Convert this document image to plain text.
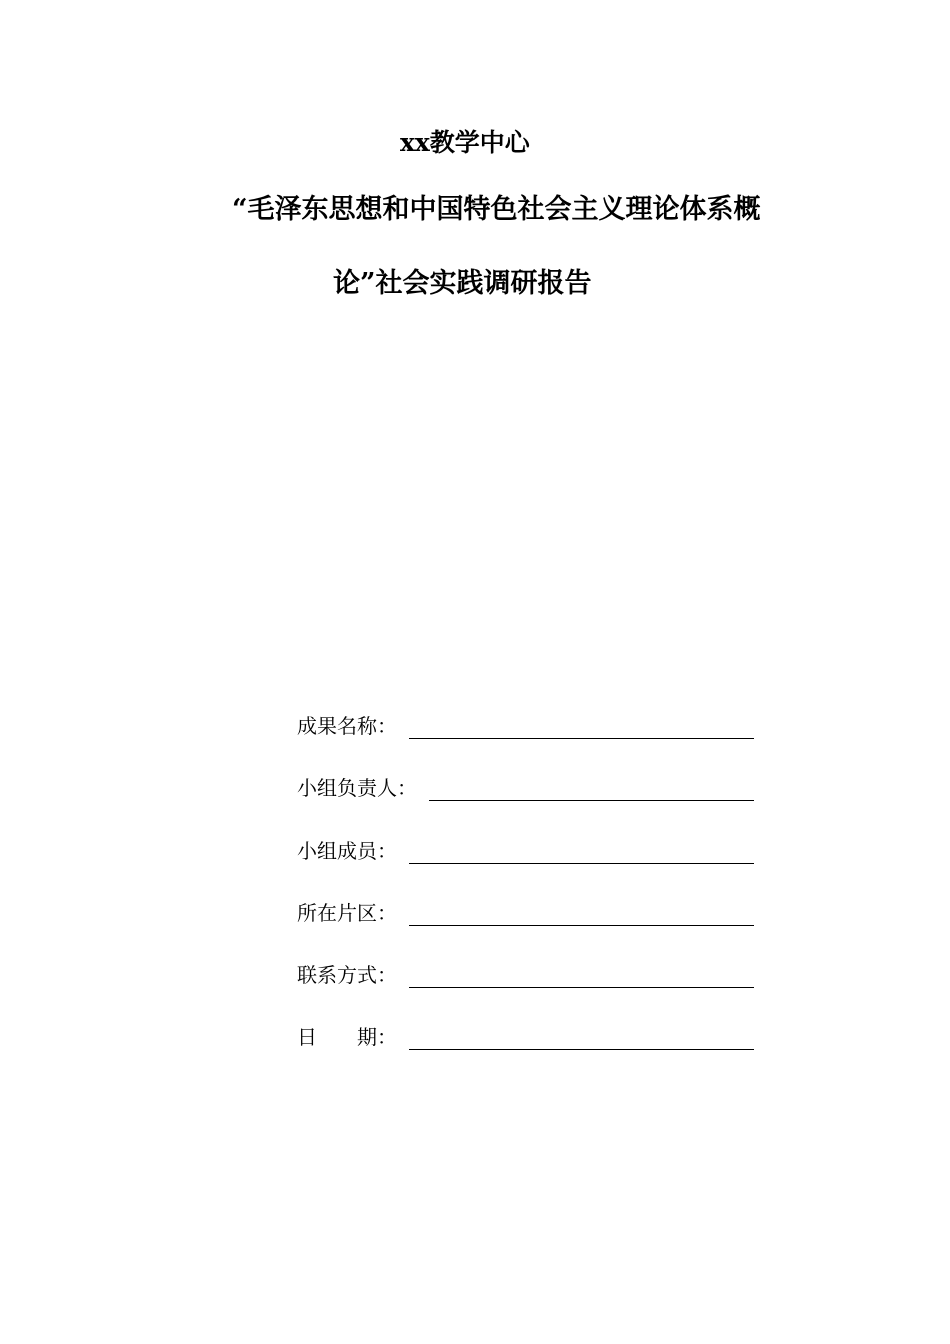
xx教学中心
“毛泽东思想和中国特色社会主义理论体系概
论”社会实践调研报告
成果名称：
小组负责人：
小组成员：
所在片区：
联系方式：
日　　期：
